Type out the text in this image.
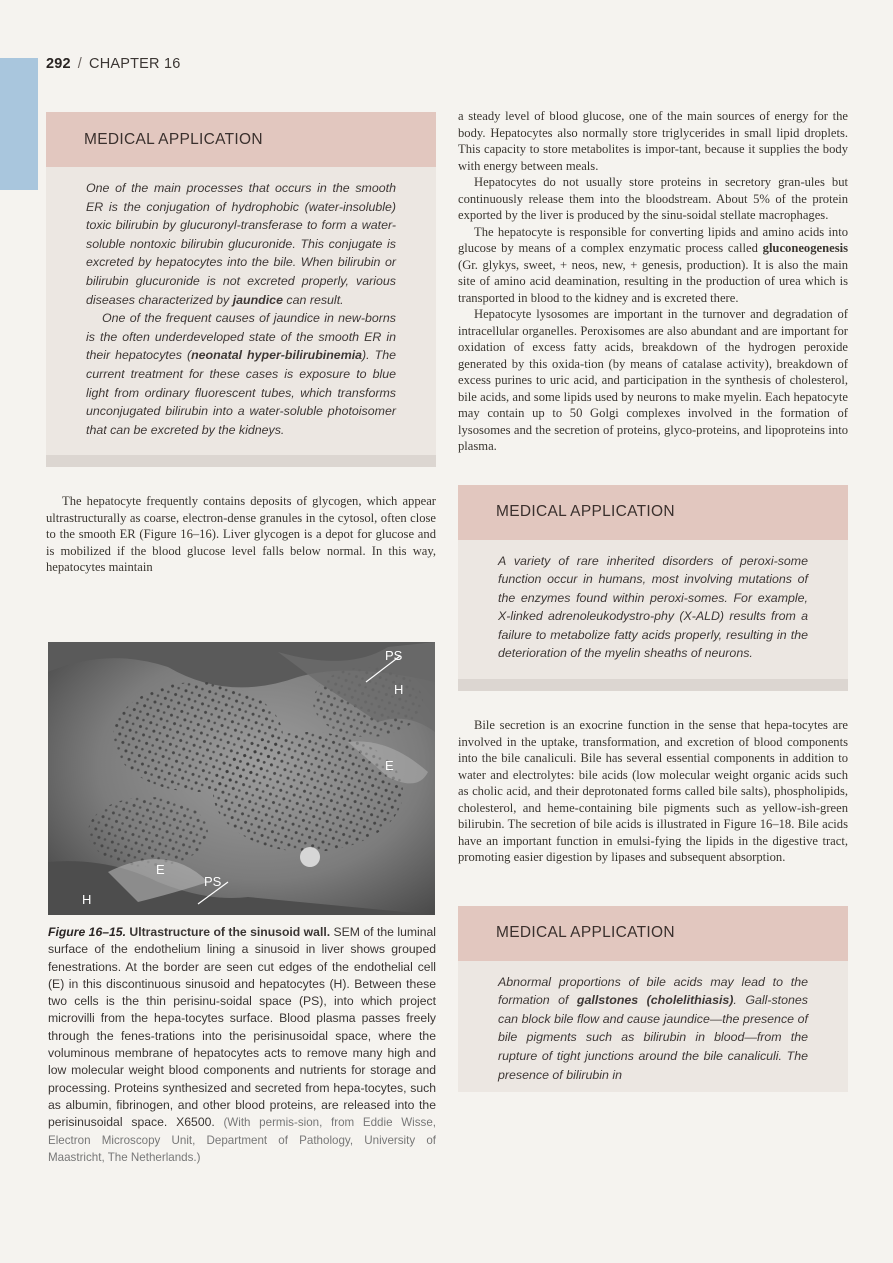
292 / CHAPTER 16
MEDICAL APPLICATION

One of the main processes that occurs in the smooth ER is the conjugation of hydrophobic (water-insoluble) toxic bilirubin by glucuronyl-transferase to form a water-soluble nontoxic bilirubin glucuronide. This conjugate is excreted by hepatocytes into the bile. When bilirubin or bilirubin glucuronide is not excreted properly, various diseases characterized by jaundice can result.

One of the frequent causes of jaundice in new-borns is the often underdeveloped state of the smooth ER in their hepatocytes (neonatal hyper-bilirubinemia). The current treatment for these cases is exposure to blue light from ordinary fluorescent tubes, which transforms unconjugated bilirubin into a water-soluble photoisomer that can be excreted by the kidneys.

The hepatocyte frequently contains deposits of glycogen, which appear ultrastructurally as coarse, electron-dense granules in the cytosol, often close to the smooth ER (Figure 16–16). Liver glycogen is a depot for glucose and is mobilized if the blood glucose level falls below normal. In this way, hepatocytes maintain

PS
H
E
E
PS
H
Figure 16–15. Ultrastructure of the sinusoid wall. SEM of the luminal surface of the endothelium lining a sinusoid in liver shows grouped fenestrations. At the border are seen cut edges of the endothelial cell (E) in this discontinuous sinusoid and hepatocytes (H). Between these two cells is the thin perisinu-soidal space (PS), into which project microvilli from the hepa-tocytes surface. Blood plasma passes freely through the fenes-trations into the perisinusoidal space, where the voluminous membrane of hepatocytes acts to remove many high and low molecular weight blood components and nutrients for storage and processing. Proteins synthesized and secreted from hepa-tocytes, such as albumin, fibrinogen, and other blood proteins, are released into the perisinusoidal space. X6500. (With permis-sion, from Eddie Wisse, Electron Microscopy Unit, Department of Pathology, University of Maastricht, The Netherlands.)

a steady level of blood glucose, one of the main sources of energy for the body. Hepatocytes also normally store triglycerides in small lipid droplets. This capacity to store metabolites is impor-tant, because it supplies the body with energy between meals.

Hepatocytes do not usually store proteins in secretory gran-ules but continuously release them into the bloodstream. About 5% of the protein exported by the liver is produced by the sinu-soidal stellate macrophages.

The hepatocyte is responsible for converting lipids and amino acids into glucose by means of a complex enzymatic process called gluconeogenesis (Gr. glykys, sweet, + neos, new, + genesis, production). It is also the main site of amino acid deamination, resulting in the production of urea which is transported in blood to the kidney and is excreted there.

Hepatocyte lysosomes are important in the turnover and degradation of intracellular organelles. Peroxisomes are also abundant and are important for oxidation of excess fatty acids, breakdown of the hydrogen peroxide generated by this oxida-tion (by means of catalase activity), breakdown of excess purines to uric acid, and participation in the synthesis of cholesterol, bile acids, and some lipids used by neurons to make myelin. Each hepatocyte may contain up to 50 Golgi complexes involved in the formation of lysosomes and the secretion of proteins, glyco-proteins, and lipoproteins into plasma.

MEDICAL APPLICATION

A variety of rare inherited disorders of peroxi-some function occur in humans, most involving mutations of the enzymes found within peroxi-somes. For example, X-linked adrenoleukodystro-phy (X-ALD) results from a failure to metabolize fatty acids properly, resulting in the deterioration of the myelin sheaths of neurons.

Bile secretion is an exocrine function in the sense that hepa-tocytes are involved in the uptake, transformation, and excretion of blood components into the bile canaliculi. Bile has several essential components in addition to water and electrolytes: bile acids (low molecular weight organic acids such as cholic acid, and their deprotonated forms called bile salts), phospholipids, cholesterol, and heme-containing bile pigments such as yellow-ish-green bilirubin. The secretion of bile acids is illustrated in Figure 16–18. Bile acids have an important function in emulsi-fying the lipids in the digestive tract, promoting easier digestion by lipases and subsequent absorption.

MEDICAL APPLICATION

Abnormal proportions of bile acids may lead to the formation of gallstones (cholelithiasis). Gall-stones can block bile flow and cause jaundice—the presence of bile pigments such as bilirubin in blood—from the rupture of tight junctions around the bile canaliculi. The presence of bilirubin in
